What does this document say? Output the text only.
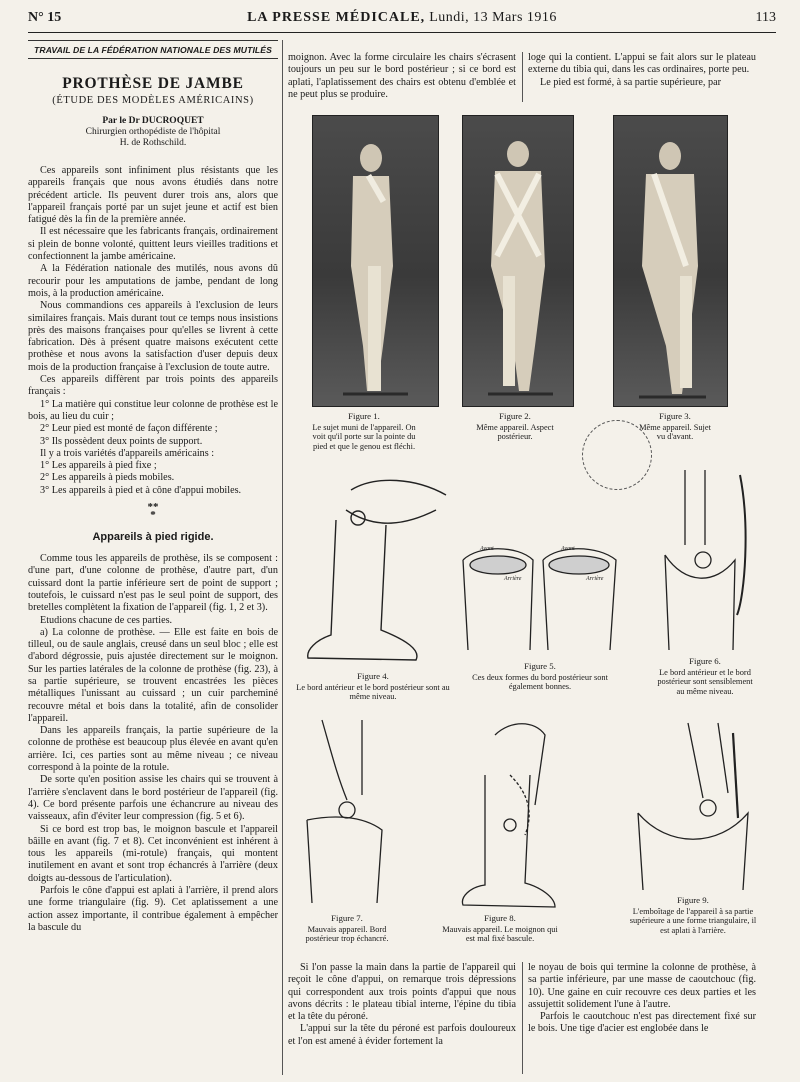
N° 15	LA PRESSE MÉDICALE, Lundi, 13 Mars 1916	113
TRAVAIL DE LA FÉDÉRATION NATIONALE DES MUTILÉS
PROTHÈSE DE JAMBE
(ÉTUDE DES MODÈLES AMÉRICAINS)
Par le Dr DUCROQUET
Chirurgien orthopédiste de l'hôpital
H. de Rothschild.

Ces appareils sont infiniment plus résistants que les appareils français que nous avons étudiés dans notre précédent article. Ils peuvent durer trois ans, alors que l'appareil français porté par un sujet jeune et actif est bien fatigué dès la fin de la première année.

Il est nécessaire que les fabricants français, ordinairement si plein de bonne volonté, quittent leurs vieilles traditions et confectionnent la jambe américaine.

A la Fédération nationale des mutilés, nous avons dû recourir pour les amputations de jambe, pendant de long mois, à la production américaine.

Nous commandions ces appareils à l'exclusion de leurs similaires français. Mais durant tout ce temps nous insistions près des maisons françaises pour qu'elles se livrent à cette fabrication. Dès à présent quatre maisons exécutent cette prothèse et nous avons la satisfaction d'user depuis deux mois de la production française à l'exclusion de toute autre.

Ces appareils diffèrent par trois points des appareils français :

1° La matière qui constitue leur colonne de prothèse est le bois, au lieu du cuir ;

2° Leur pied est monté de façon différente ;

3° Ils possèdent deux points de support.

Il y a trois variétés d'appareils américains :

1° Les appareils à pied fixe ;

2° Les appareils à pieds mobiles.

3° Les appareils à pied et à cône d'appui mobiles.

**
*
Appareils à pied rigide.

Comme tous les appareils de prothèse, ils se composent : d'une part, d'une colonne de prothèse, d'autre part, d'un cuissard dont la partie inférieure sert de point de support ; toutefois, le cuissard n'est pas le seul point de support, des bretelles complètent la fixation de l'appareil (fig. 1, 2 et 3).

Etudions chacune de ces parties.

a) La colonne de prothèse. — Elle est faite en bois de tilleul, ou de saule anglais, creusé dans un seul bloc ; elle est d'abord dégrossie, puis ajustée directement sur le moignon. Sur les parties latérales de la colonne de prothèse (fig. 23), à sa partie supérieure, se trouvent encastrées les pièces métalliques l'unissant au cuissard ; un cuir parcheminé recouvre métal et bois dans la totalité, afin de consolider l'appareil.

Dans les appareils français, la partie supérieure de la colonne de prothèse est beaucoup plus élevée en avant qu'en arrière. Ici, ces parties sont au même niveau ; ce niveau correspond à la pointe de la rotule.

De sorte qu'en position assise les chairs qui se trouvent à l'arrière s'enclavent dans le bord postérieur de l'appareil (fig. 4). Ce bord présente parfois une échancrure au niveau des vaisseaux, afin d'éviter leur compression (fig. 5 et 6).

Si ce bord est trop bas, le moignon bascule et l'appareil bâille en avant (fig. 7 et 8). Cet inconvénient est inhérent à tous les appareils (mi-rotule) français, qui montent inutilement en avant et sont trop échancrés à l'arrière (deux doigts au-dessous de l'articulation).

Parfois le cône d'appui est aplati à l'arrière, il prend alors une forme triangulaire (fig. 9). Cet aplatissement a une action assez importante, il contribue également à empêcher la bascule du

moignon. Avec la forme circulaire les chairs s'écrasent toujours un peu sur le bord postérieur ; si ce bord est aplati, l'aplatissement des chairs est obtenu d'emblée et ne peut plus se produire.

loge qui la contient. L'appui se fait alors sur le plateau externe du tibia qui, dans les cas ordinaires, porte peu.

Le pied est formé, à sa partie supérieure, par

Figure 1.
Le sujet muni de l'appareil. On voit qu'il porte sur la pointe du pied et que le genou est fléchi.
Figure 2.
Même appareil. Aspect postérieur.
Figure 3.
Même appareil. Sujet vu d'avant.
Avant
Arrière
Avant
Arrière
Figure 4.
Le bord antérieur et le bord postérieur sont au même niveau.
Figure 5.
Ces deux formes du bord postérieur sont également bonnes.
Figure 6.
Le bord antérieur et le bord postérieur sont sensiblement au même niveau.
Figure 7.
Mauvais appareil. Bord postérieur trop échancré.
Figure 8.
Mauvais appareil. Le moignon qui est mal fixé bascule.
Figure 9.
L'emboîtage de l'appareil à sa partie supérieure a une forme triangulaire, il est aplati à l'arrière.

Si l'on passe la main dans la partie de l'appareil qui reçoit le cône d'appui, on remarque trois dépressions qui correspondent aux trois points d'appui que nous avons décrits : le plateau tibial interne, l'épine du tibia et la tête du péroné.

L'appui sur la tête du péroné est parfois douloureux et l'on est amené à évider fortement la

le noyau de bois qui termine la colonne de prothèse, à sa partie inférieure, par une masse de caoutchouc (fig. 10). Une gaine en cuir recouvre ces deux parties et les assujettit solidement l'une à l'autre.

Parfois le caoutchouc n'est pas directement fixé sur le bois. Une tige d'acier est englobée dans le
